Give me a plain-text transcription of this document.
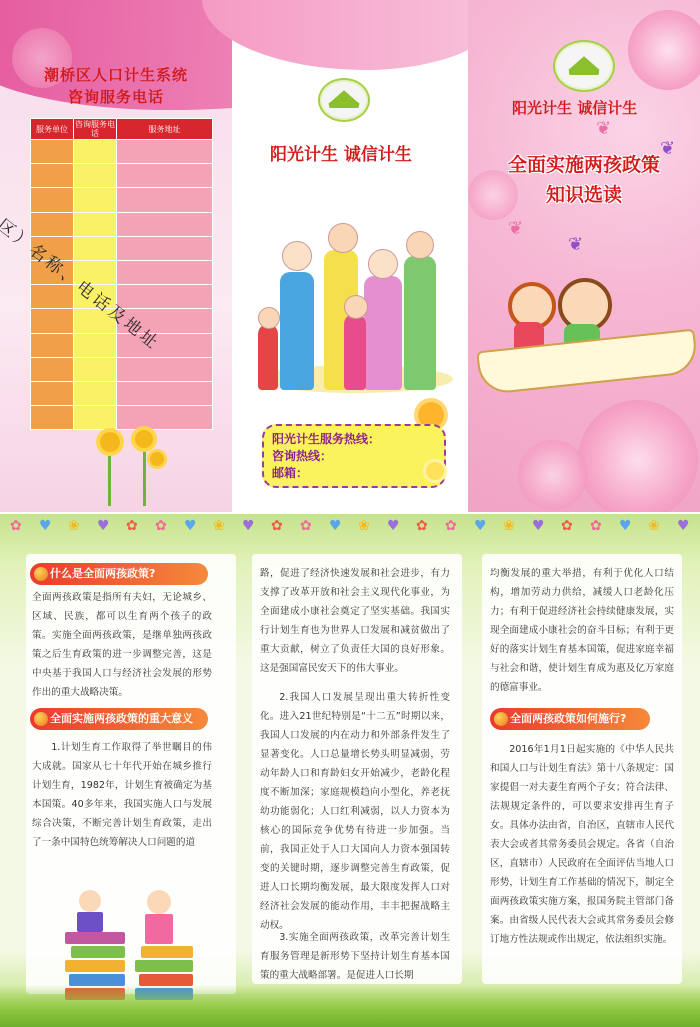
潮桥区人口计生系统
咨询服务电话
服务单位	咨询服务电话	服务地址

阳光计生 诚信计生
阳光计生服务热线：
咨询热线：
邮箱：
阳光计生 诚信计生
全面实施两孩政策
知识选读
❦
❦
❦
❦
✿ ♥ ❀ ♥ ✿ ✿ ♥ ❀ ♥ ✿ ✿ ♥ ❀ ♥ ✿ ✿ ♥ ❀ ♥ ✿ ✿ ♥ ❀ ♥
什么是全面两孩政策?
全面两孩政策是指所有夫妇，无论城乡、区域、民族，都可以生育两个孩子的政策。实施全面两孩政策，是继单独两孩政策之后生育政策的进一步调整完善，这是中央基于我国人口与经济社会发展的形势作出的重大战略决策。
全面实施两孩政策的重大意义
1.计划生育工作取得了举世瞩目的伟大成就。国家从七十年代开始在城乡推行计划生育，1982年，计划生育被确定为基本国策。40多年来，我国实施人口与发展综合决策，不断完善计划生育政策，走出了一条中国特色统筹解决人口问题的道
路，促进了经济快速发展和社会进步，有力支撑了改革开放和社会主义现代化事业，为全面建成小康社会奠定了坚实基础。我国实行计划生育也为世界人口发展和减贫做出了重大贡献，树立了负责任大国的良好形象。这是强国富民安天下的伟大事业。
2.我国人口发展呈现出重大转折性变化。进入21世纪特别是“十二五”时期以来，我国人口发展的内在动力和外部条件发生了显著变化。人口总量增长势头明显减弱，劳动年龄人口和育龄妇女开始减少，老龄化程度不断加深；家庭规模趋向小型化，养老抚幼功能弱化；人口红利减弱，以人力资本为核心的国际竞争优势有待进一步加强。当前，我国正处于人口大国向人力资本强国转变的关键时期，逐步调整完善生育政策，促进人口长期均衡发展，最大限度发挥人口对经济社会发展的能动作用，丰丰把握战略主动权。
3.实施全面两孩政策，改革完善计划生育服务管理是新形势下坚持计划生育基本国策的重大战略部署。是促进人口长期
均衡发展的重大举措，有利于优化人口结构，增加劳动力供给，减缓人口老龄化压力；有利于促进经济社会持续健康发展，实现全面建成小康社会的奋斗目标；有利于更好的落实计划生育基本国策，促进家庭幸福与社会和谐，使计划生育成为惠及亿万家庭的德富事业。
全面两孩政策如何施行?
2016年1月1日起实施的《中华人民共和国人口与计划生育法》第十八条规定：国家提倡一对夫妻生育两个子女；符合法律、法规规定条件的，可以要求安排再生育子女。具体办法由省，自治区，直辖市人民代表大会或者其常务委员会规定。各省（自治区，直辖市）人民政府在全面评估当地人口形势，计划生育工作基础的情况下，制定全面两孩政策实施方案，报国务院主管部门备案。由省级人民代表大会或其常务委员会修订地方性法规或作出规定，依法组织实施。
